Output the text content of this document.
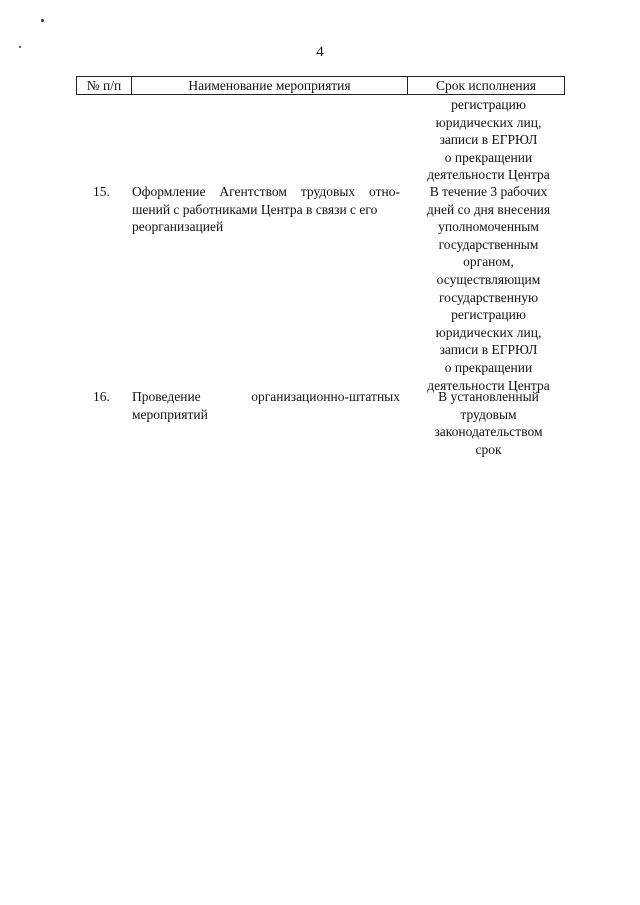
4
№ п/п	Наименование мероприятия	Срок исполнения
регистрацию
юридических лиц,
записи в ЕГРЮЛ
о прекращении
деятельности Центра
15. Оформление Агентством трудовых отно-
шений с работниками Центра в связи с его
реорганизацией
В течение 3 рабочих
дней со дня внесения
уполномоченным
государственным
органом,
осуществляющим
государственную
регистрацию
юридических лиц,
записи в ЕГРЮЛ
о прекращении
деятельности Центра
16. Проведение организационно-штатных
мероприятий
В установленный
трудовым
законодательством
срок
